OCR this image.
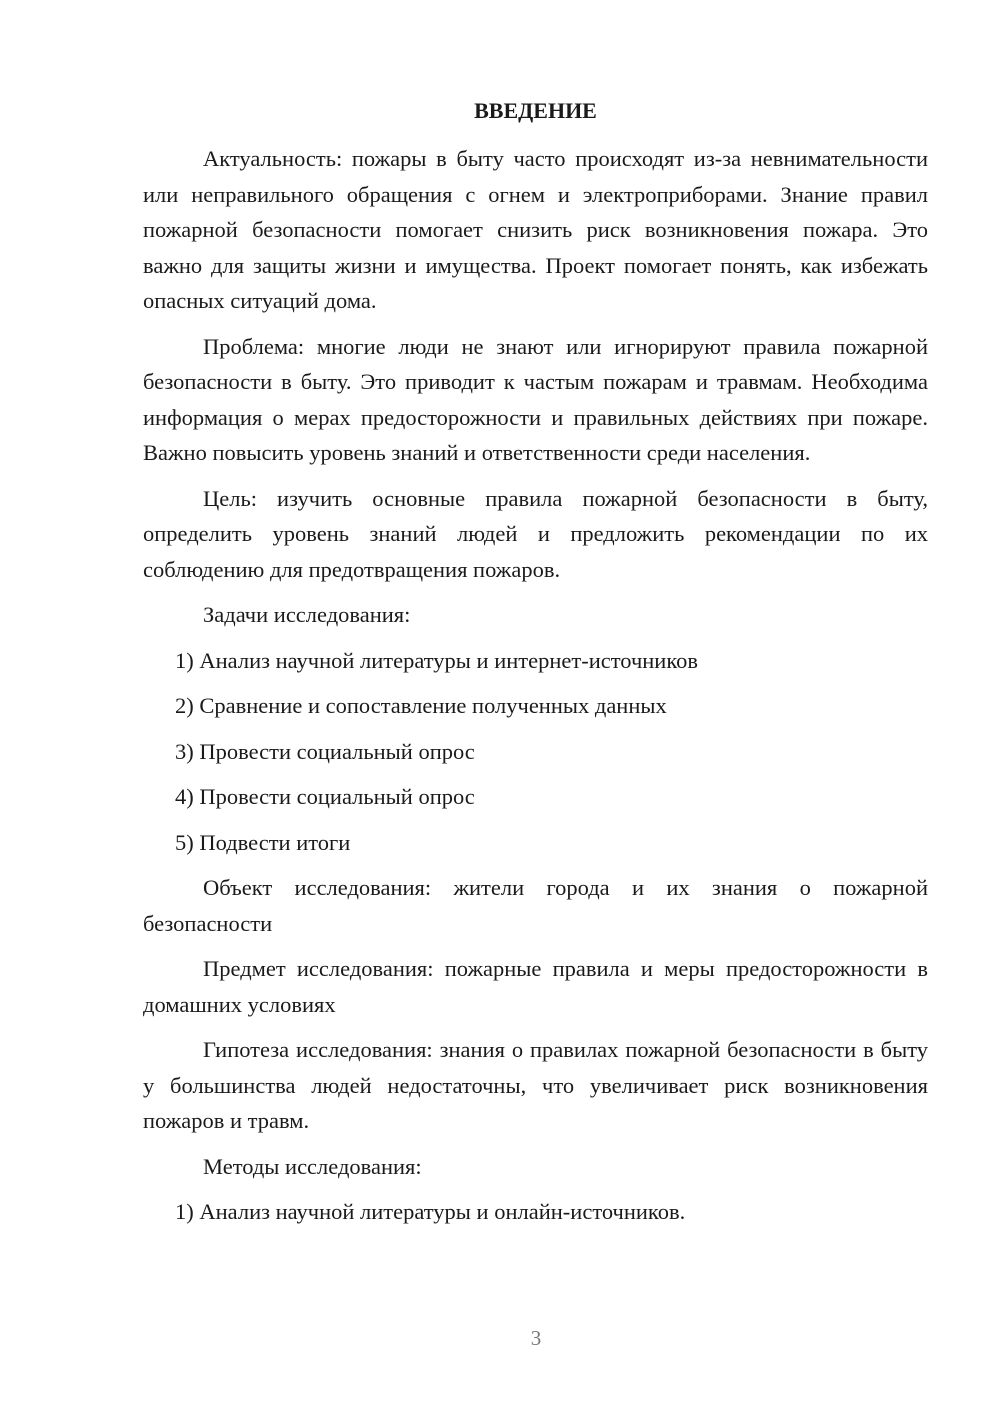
ВВЕДЕНИЕ
Актуальность: пожары в быту часто происходят из-за невнимательности или неправильного обращения с огнем и электроприборами. Знание правил пожарной безопасности помогает снизить риск возникновения пожара. Это важно для защиты жизни и имущества. Проект помогает понять, как избежать опасных ситуаций дома.
Проблема: многие люди не знают или игнорируют правила пожарной безопасности в быту. Это приводит к частым пожарам и травмам. Необходима информация о мерах предосторожности и правильных действиях при пожаре. Важно повысить уровень знаний и ответственности среди населения.
Цель: изучить основные правила пожарной безопасности в быту, определить уровень знаний людей и предложить рекомендации по их соблюдению для предотвращения пожаров.
Задачи исследования:
1) Анализ научной литературы и интернет-источников
2) Сравнение и сопоставление полученных данных
3) Провести социальный опрос
4) Провести социальный опрос
5) Подвести итоги
Объект исследования: жители города и их знания о пожарной безопасности
Предмет исследования: пожарные правила и меры предосторожности в домашних условиях
Гипотеза исследования: знания о правилах пожарной безопасности в быту у большинства людей недостаточны, что увеличивает риск возникновения пожаров и травм.
Методы исследования:
1) Анализ научной литературы и онлайн-источников.
3
